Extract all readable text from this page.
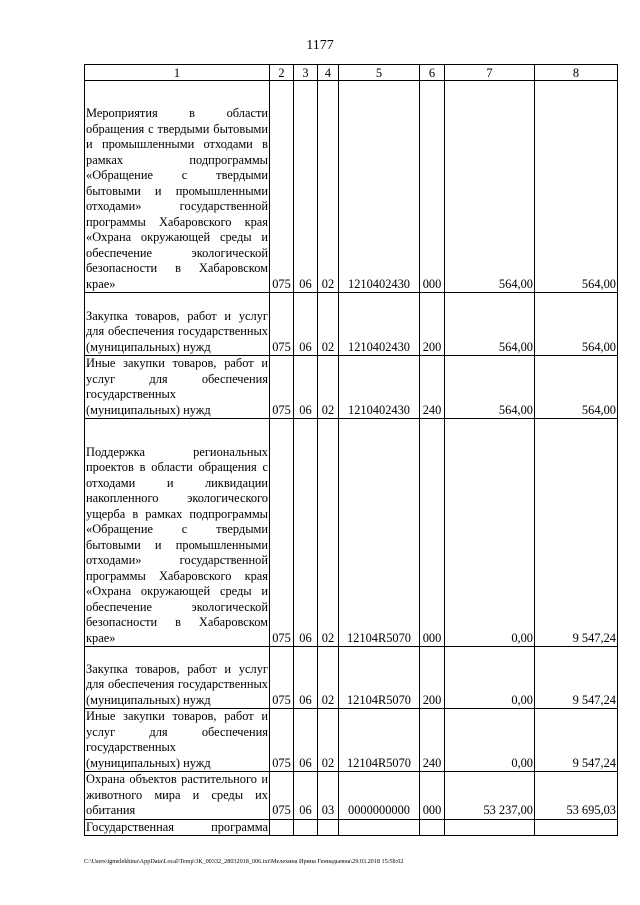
1177
1	2	3	4	5	6	7	8
Мероприятия в области обращения с твердыми бытовыми и промышленными отходами в рамках подпрограммы «Обращение с твердыми бытовыми и промышленными отходами» государственной программы Хабаровского края «Охрана окружающей среды и обеспечение экологической безопасности в Хабаровском крае»	075	06	02	1210402430	000	564,00	564,00
Закупка товаров, работ и услуг для обеспечения государственных (муниципальных) нужд	075	06	02	1210402430	200	564,00	564,00
Иные закупки товаров, работ и услуг для обеспечения государственных (муниципальных) нужд	075	06	02	1210402430	240	564,00	564,00
Поддержка региональных проектов в области обращения с отходами и ликвидации накопленного экологического ущерба в рамках подпрограммы «Обращение с твердыми бытовыми и промышленными отходами» государственной программы Хабаровского края «Охрана окружающей среды и обеспечение экологической безопасности в Хабаровском крае»	075	06	02	12104R5070	000	0,00	9 547,24
Закупка товаров, работ и услуг для обеспечения государственных (муниципальных) нужд	075	06	02	12104R5070	200	0,00	9 547,24
Иные закупки товаров, работ и услуг для обеспечения государственных (муниципальных) нужд	075	06	02	12104R5070	240	0,00	9 547,24
Охрана объектов растительного и животного мира и среды их обитания	075	06	03	0000000000	000	53 237,00	53 695,03
Государственная программа							
C:\Users\igmelekhina\AppData\Local\Temp\ЗК_00332_28032018_006.txt\Мелехина Ирина Геннадьевна\29.03.2018 15:58:02
